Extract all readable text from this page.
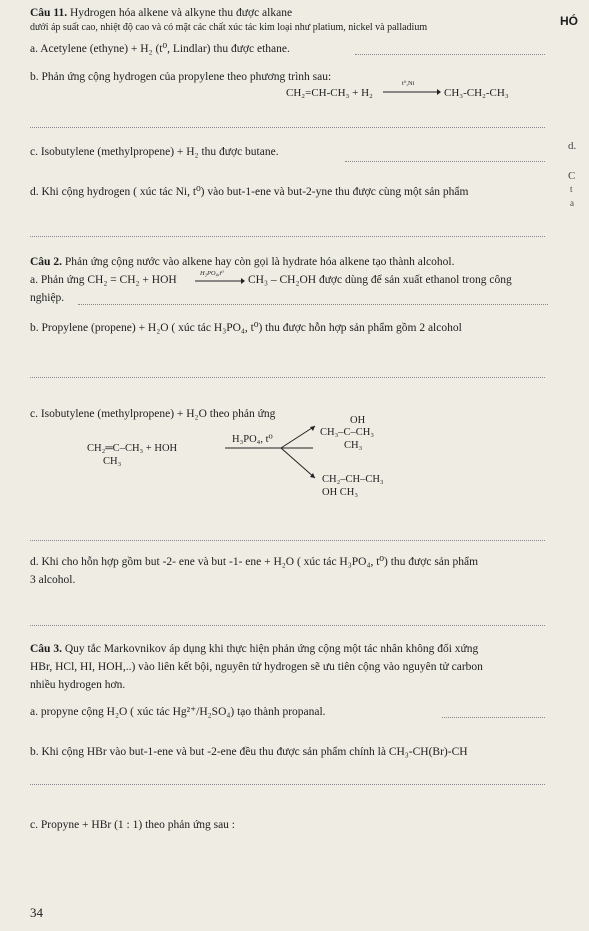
Câu 11. Hydrogen hóa alkene và alkyne thu được alkane
dưới áp suất cao, nhiệt độ cao và có mặt các chất xúc tác kim loại như platium, nickel và palladium	HÓ
a. Acetylene (ethyne) + H₂ (t⁰, Lindlar) thu được ethane.
b. Phản ứng cộng hydrogen của propylene theo phương trình sau:
CH₂=CH-CH₃ + H₂
t⁰,Ni
→ CH₃-CH₂-CH₃
d.
c. Isobutylene (methylpropene) + H₂ thu được butane.
C
d. Khi cộng hydrogen ( xúc tác Ni, t⁰) vào but-1-ene và but-2-yne thu được cùng một sản phẩm	t
a
Câu 2. Phản ứng cộng nước vào alkene hay còn gọi là hydrate hóa alkene tạo thành alcohol.
a. Phản ứng CH₂ = CH₂ + HOH
H₃PO₄,t⁰
→ CH₃ – CH₂OH được dùng để sản xuất ethanol trong công
nghiệp.
b. Propylene (propene) + H₂O ( xúc tác H₃PO₄, t⁰) thu được hỗn hợp sản phẩm gồm 2 alcohol
c. Isobutylene (methylpropene) + H₂O theo phản ứng
CH₂═C–CH₃ + HOH
CH₃
H₃PO₄, t⁰
OH
CH₃–C–CH₃
CH₃
CH₂–CH–CH₃
OH CH₃
d. Khi cho hỗn hợp gồm but -2- ene và but -1- ene + H₂O ( xúc tác H₃PO₄, t⁰) thu được sản phẩm
3 alcohol.
Câu 3. Quy tắc Markovnikov áp dụng khi thực hiện phản ứng cộng một tác nhân không đối xứng
HBr, HCl, HI, HOH,..) vào liên kết bội, nguyên tử hydrogen sẽ ưu tiên cộng vào nguyên tử carbon
nhiều hydrogen hơn.
a. propyne cộng H₂O ( xúc tác Hg²⁺/H₂SO₄) tạo thành propanal.
b. Khi cộng HBr vào but-1-ene và but -2-ene đều thu được sản phẩm chính là CH₃-CH(Br)-CH
c. Propyne + HBr (1 : 1) theo phản ứng sau :
34
